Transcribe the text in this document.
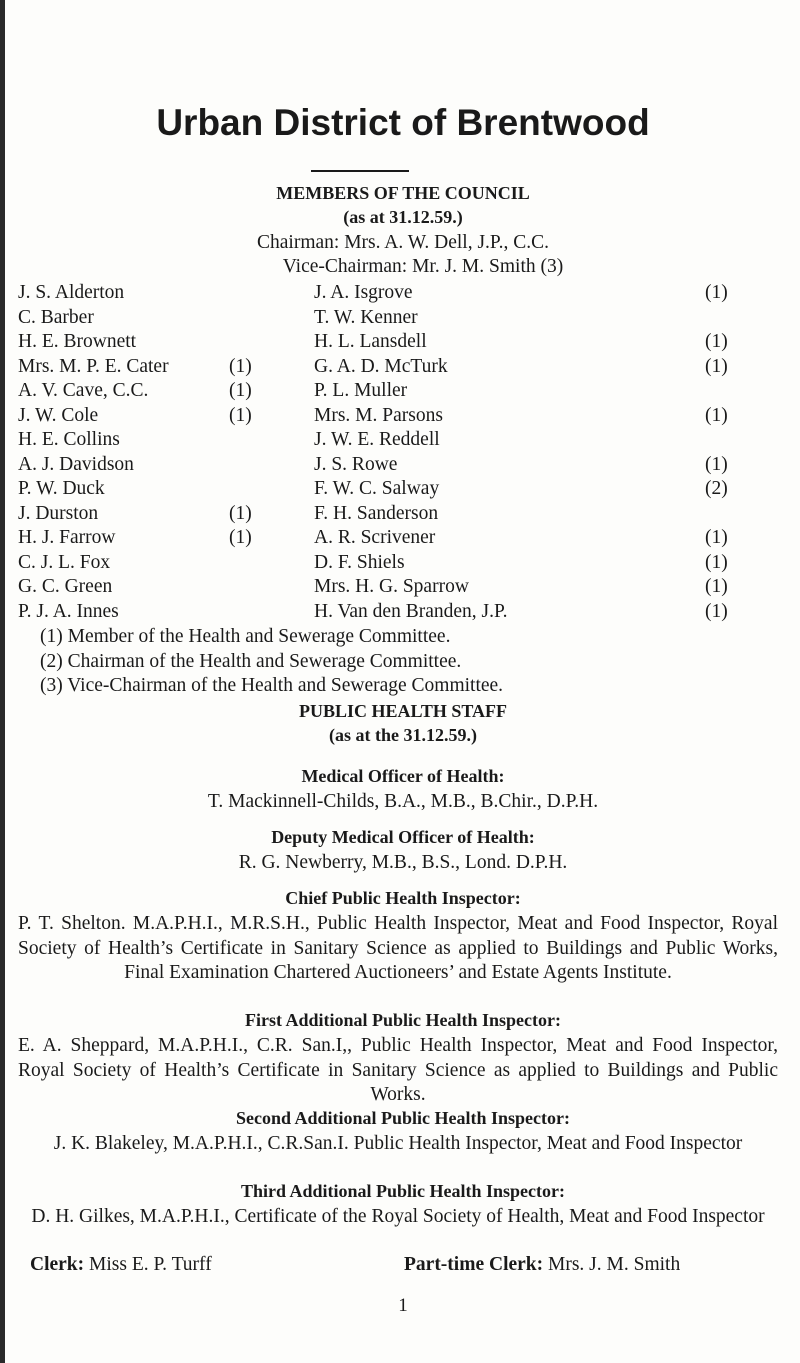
Urban District of Brentwood
MEMBERS OF THE COUNCIL
(as at 31.12.59.)
Chairman: Mrs. A. W. Dell, J.P., C.C.
Vice-Chairman: Mr. J. M. Smith (3)
J. S. Alderton	J. A. Isgrove	(1)
C. Barber	T. W. Kenner
H. E. Brownett	H. L. Lansdell	(1)
Mrs. M. P. E. Cater	(1)	G. A. D. McTurk	(1)
A. V. Cave, C.C.	(1)	P. L. Muller
J. W. Cole	(1)	Mrs. M. Parsons	(1)
H. E. Collins	J. W. E. Reddell
A. J. Davidson	J. S. Rowe	(1)
P. W. Duck	F. W. C. Salway	(2)
J. Durston	(1)	F. H. Sanderson
H. J. Farrow	(1)	A. R. Scrivener	(1)
C. J. L. Fox	D. F. Shiels	(1)
G. C. Green	Mrs. H. G. Sparrow	(1)
P. J. A. Innes	H. Van den Branden, J.P.	(1)
(1) Member of the Health and Sewerage Committee.
(2) Chairman of the Health and Sewerage Committee.
(3) Vice-Chairman of the Health and Sewerage Committee.
PUBLIC HEALTH STAFF
(as at the 31.12.59.)
Medical Officer of Health:
T. Mackinnell-Childs, B.A., M.B., B.Chir., D.P.H.
Deputy Medical Officer of Health:
R. G. Newberry, M.B., B.S., Lond. D.P.H.
Chief Public Health Inspector:
P. T. Shelton. M.A.P.H.I., M.R.S.H., Public Health Inspector, Meat and Food Inspector, Royal Society of Health’s Certificate in Sanitary Science as applied to Buildings and Public Works, Final Examination Chartered Auctioneers’ and Estate Agents Institute.
First Additional Public Health Inspector:
E. A. Sheppard, M.A.P.H.I., C.R. San.I,, Public Health Inspector, Meat and Food Inspector, Royal Society of Health’s Certificate in Sanitary Science as applied to Buildings and Public Works.
Second Additional Public Health Inspector:
J. K. Blakeley, M.A.P.H.I., C.R.San.I. Public Health Inspector, Meat and Food Inspector
Third Additional Public Health Inspector:
D. H. Gilkes, M.A.P.H.I., Certificate of the Royal Society of Health, Meat and Food Inspector
Clerk: Miss E. P. Turff	Part-time Clerk: Mrs. J. M. Smith
1
